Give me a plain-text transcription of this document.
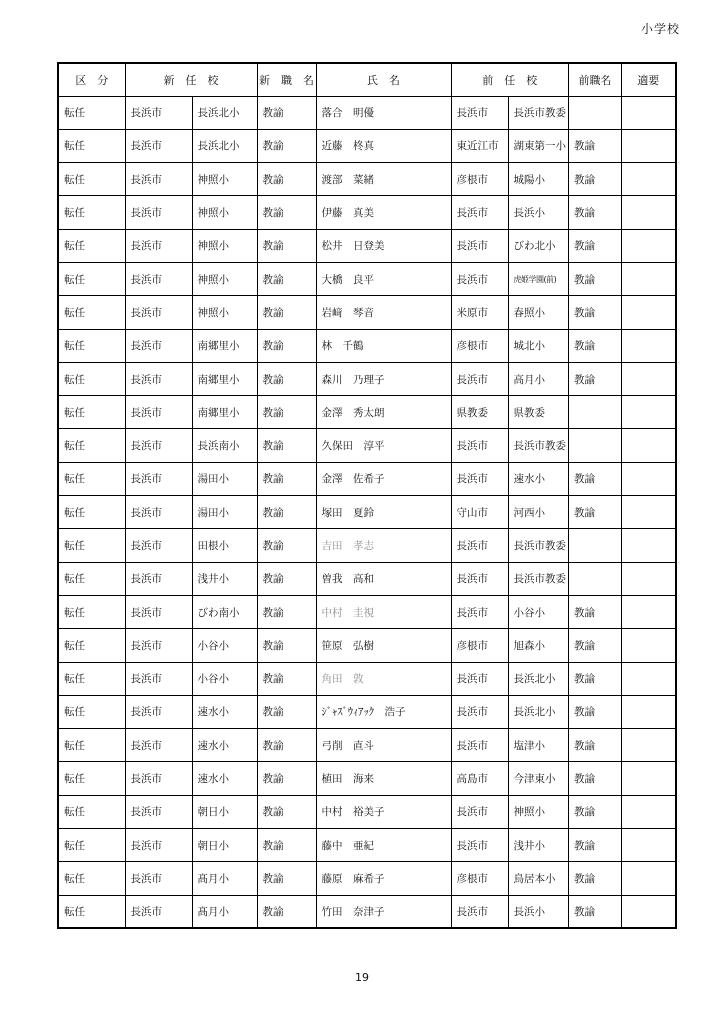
小学校
区　分	新　任　校		新　職　名	氏　名	前　任　校		前職名	適要
転任	長浜市	長浜北小	教諭	落合　明優	長浜市	長浜市教委		
転任	長浜市	長浜北小	教諭	近藤　柊真	東近江市	湖東第一小	教諭	
転任	長浜市	神照小	教諭	渡部　菜緒	彦根市	城陽小	教諭	
転任	長浜市	神照小	教諭	伊藤　真美	長浜市	長浜小	教諭	
転任	長浜市	神照小	教諭	松井　日登美	長浜市	びわ北小	教諭	
転任	長浜市	神照小	教諭	大橋　良平	長浜市	虎姫学園(前)	教諭	
転任	長浜市	神照小	教諭	岩﨑　琴音	米原市	春照小	教諭	
転任	長浜市	南郷里小	教諭	林　千鶴	彦根市	城北小	教諭	
転任	長浜市	南郷里小	教諭	森川　乃理子	長浜市	高月小	教諭	
転任	長浜市	南郷里小	教諭	金澤　秀太朗	県教委	県教委		
転任	長浜市	長浜南小	教諭	久保田　淳平	長浜市	長浜市教委		
転任	長浜市	湯田小	教諭	金澤　佐希子	長浜市	速水小	教諭	
転任	長浜市	湯田小	教諭	塚田　夏鈴	守山市	河西小	教諭	
転任	長浜市	田根小	教諭	吉田　孝志	長浜市	長浜市教委		
転任	長浜市	浅井小	教諭	曽我　高和	長浜市	長浜市教委		
転任	長浜市	びわ南小	教諭	中村　圭視	長浜市	小谷小	教諭	
転任	長浜市	小谷小	教諭	笹原　弘樹	彦根市	旭森小	教諭	
転任	長浜市	小谷小	教諭	角田　敦	長浜市	長浜北小	教諭	
転任	長浜市	速水小	教諭	ｼﾞｬｽﾞｳｨｱｯｸ　浩子	長浜市	長浜北小	教諭	
転任	長浜市	速水小	教諭	弓削　直斗	長浜市	塩津小	教諭	
転任	長浜市	速水小	教諭	植田　海来	高島市	今津東小	教諭	
転任	長浜市	朝日小	教諭	中村　裕美子	長浜市	神照小	教諭	
転任	長浜市	朝日小	教諭	藤中　亜紀	長浜市	浅井小	教諭	
転任	長浜市	髙月小	教諭	藤原　麻希子	彦根市	鳥居本小	教諭	
転任	長浜市	髙月小	教諭	竹田　奈津子	長浜市	長浜小	教諭	
19
